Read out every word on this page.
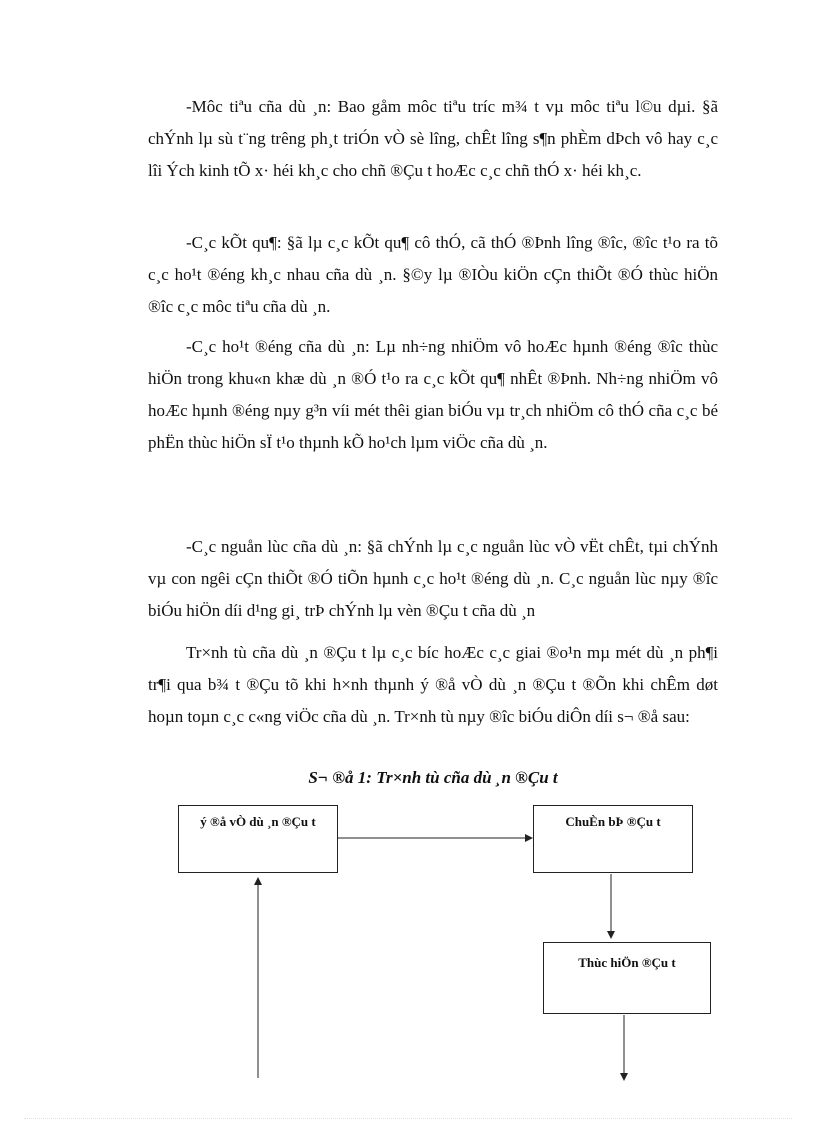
-Môc tiªu cña dù ¸n: Bao gåm môc tiªu tríc m¾ t vµ môc tiªu l©u dµi. §ã chÝnh lµ sù t¨ng trêng ph¸t triÓn vÒ sè lîng, chÊt lîng s¶n phÈm dÞch vô hay c¸c lîi Ých kinh tÕ x· héi kh¸c cho chñ ®Çu t hoÆc c¸c chñ thÓ x· héi kh¸c.

-C¸c kÕt qu¶: §ã lµ c¸c kÕt qu¶ cô thÓ, cã thÓ ®Þnh lîng ®îc, ®îc t¹o ra tõ c¸c ho¹t ®éng kh¸c nhau cña dù ¸n. §©y lµ ®IÒu kiÖn cÇn thiÕt ®Ó thùc hiÖn ®îc c¸c môc tiªu cña dù ¸n.

-C¸c ho¹t ®éng cña dù ¸n: Lµ nh÷ng nhiÖm vô hoÆc hµnh ®éng ®îc thùc hiÖn trong khu«n khæ dù ¸n ®Ó t¹o ra c¸c kÕt qu¶ nhÊt ®Þnh. Nh÷ng nhiÖm vô hoÆc hµnh ®éng nµy g³n víi mét thêi gian biÓu vµ tr¸ch nhiÖm cô thÓ cña c¸c bé phËn thùc hiÖn sÏ t¹o thµnh kÕ ho¹ch lµm viÖc cña dù ¸n.

-C¸c nguån lùc cña dù ¸n: §ã chÝnh lµ c¸c nguån lùc vÒ vËt chÊt, tµi chÝnh vµ con ngêi cÇn thiÕt ®Ó tiÕn hµnh c¸c ho¹t ®éng dù ¸n. C¸c nguån lùc nµy ®îc biÓu hiÖn díi d¹ng gi¸ trÞ chÝnh lµ vèn ®Çu t cña dù ¸n

Tr×nh tù cña dù ¸n ®Çu t lµ c¸c bíc hoÆc c¸c giai ®o¹n mµ mét dù ¸n ph¶i tr¶i qua b¾ t ®Çu tõ khi h×nh thµnh ý ®å vÒ dù ¸n ®Çu t ®Õn khi chÊm døt hoµn toµn c¸c c«ng viÖc cña dù ¸n. Tr×nh tù nµy ®îc biÓu diÔn díi s¬ ®å sau:

S¬ ®å 1: Tr×nh tù cña dù ¸n ®Çu t

ý ®å vÒ dù ¸n ®Çu t	ChuÈn bÞ ®Çu t
Thùc hiÖn ®Çu t
